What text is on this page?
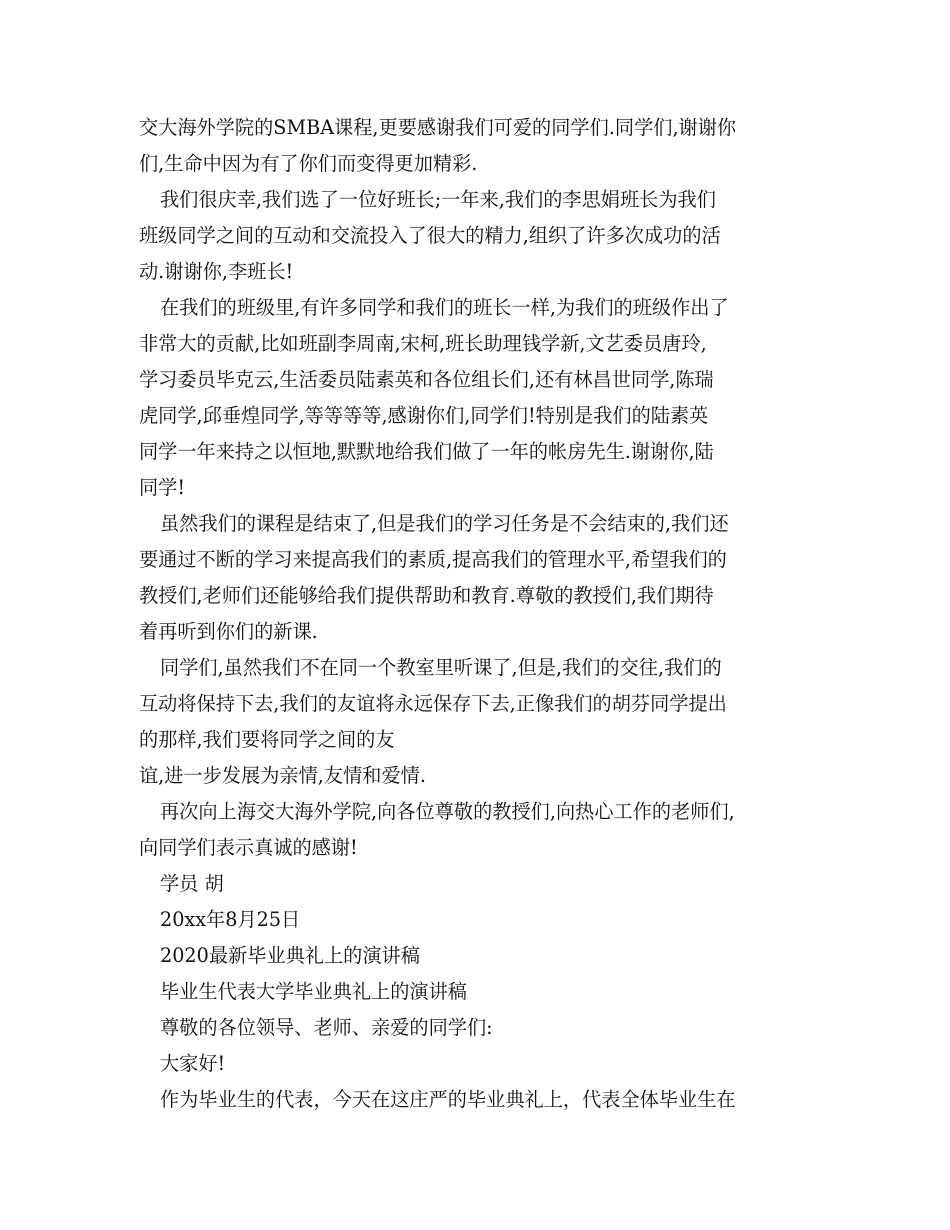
交大海外学院的SMBA课程,更要感谢我们可爱的同学们.同学们,谢谢你
们,生命中因为有了你们而变得更加精彩.
我们很庆幸,我们选了一位好班长;一年来,我们的李思娟班长为我们
班级同学之间的互动和交流投入了很大的精力,组织了许多次成功的活
动.谢谢你,李班长!
在我们的班级里,有许多同学和我们的班长一样,为我们的班级作出了
非常大的贡献,比如班副李周南,宋柯,班长助理钱学新,文艺委员唐玲,
学习委员毕克云,生活委员陆素英和各位组长们,还有林昌世同学,陈瑞
虎同学,邱垂煌同学,等等等等,感谢你们,同学们!特别是我们的陆素英
同学一年来持之以恒地,默默地给我们做了一年的帐房先生.谢谢你,陆
同学!
虽然我们的课程是结束了,但是我们的学习任务是不会结束的,我们还
要通过不断的学习来提高我们的素质,提高我们的管理水平,希望我们的
教授们,老师们还能够给我们提供帮助和教育.尊敬的教授们,我们期待
着再听到你们的新课.
同学们,虽然我们不在同一个教室里听课了,但是,我们的交往,我们的
互动将保持下去,我们的友谊将永远保存下去,正像我们的胡芬同学提出
的那样,我们要将同学之间的友
谊,进一步发展为亲情,友情和爱情.
再次向上海交大海外学院,向各位尊敬的教授们,向热心工作的老师们,
向同学们表示真诚的感谢!
学员 胡
20xx年8月25日
2020最新毕业典礼上的演讲稿
毕业生代表大学毕业典礼上的演讲稿
尊敬的各位领导、老师、亲爱的同学们:
大家好!
作为毕业生的代表，今天在这庄严的毕业典礼上，代表全体毕业生在
